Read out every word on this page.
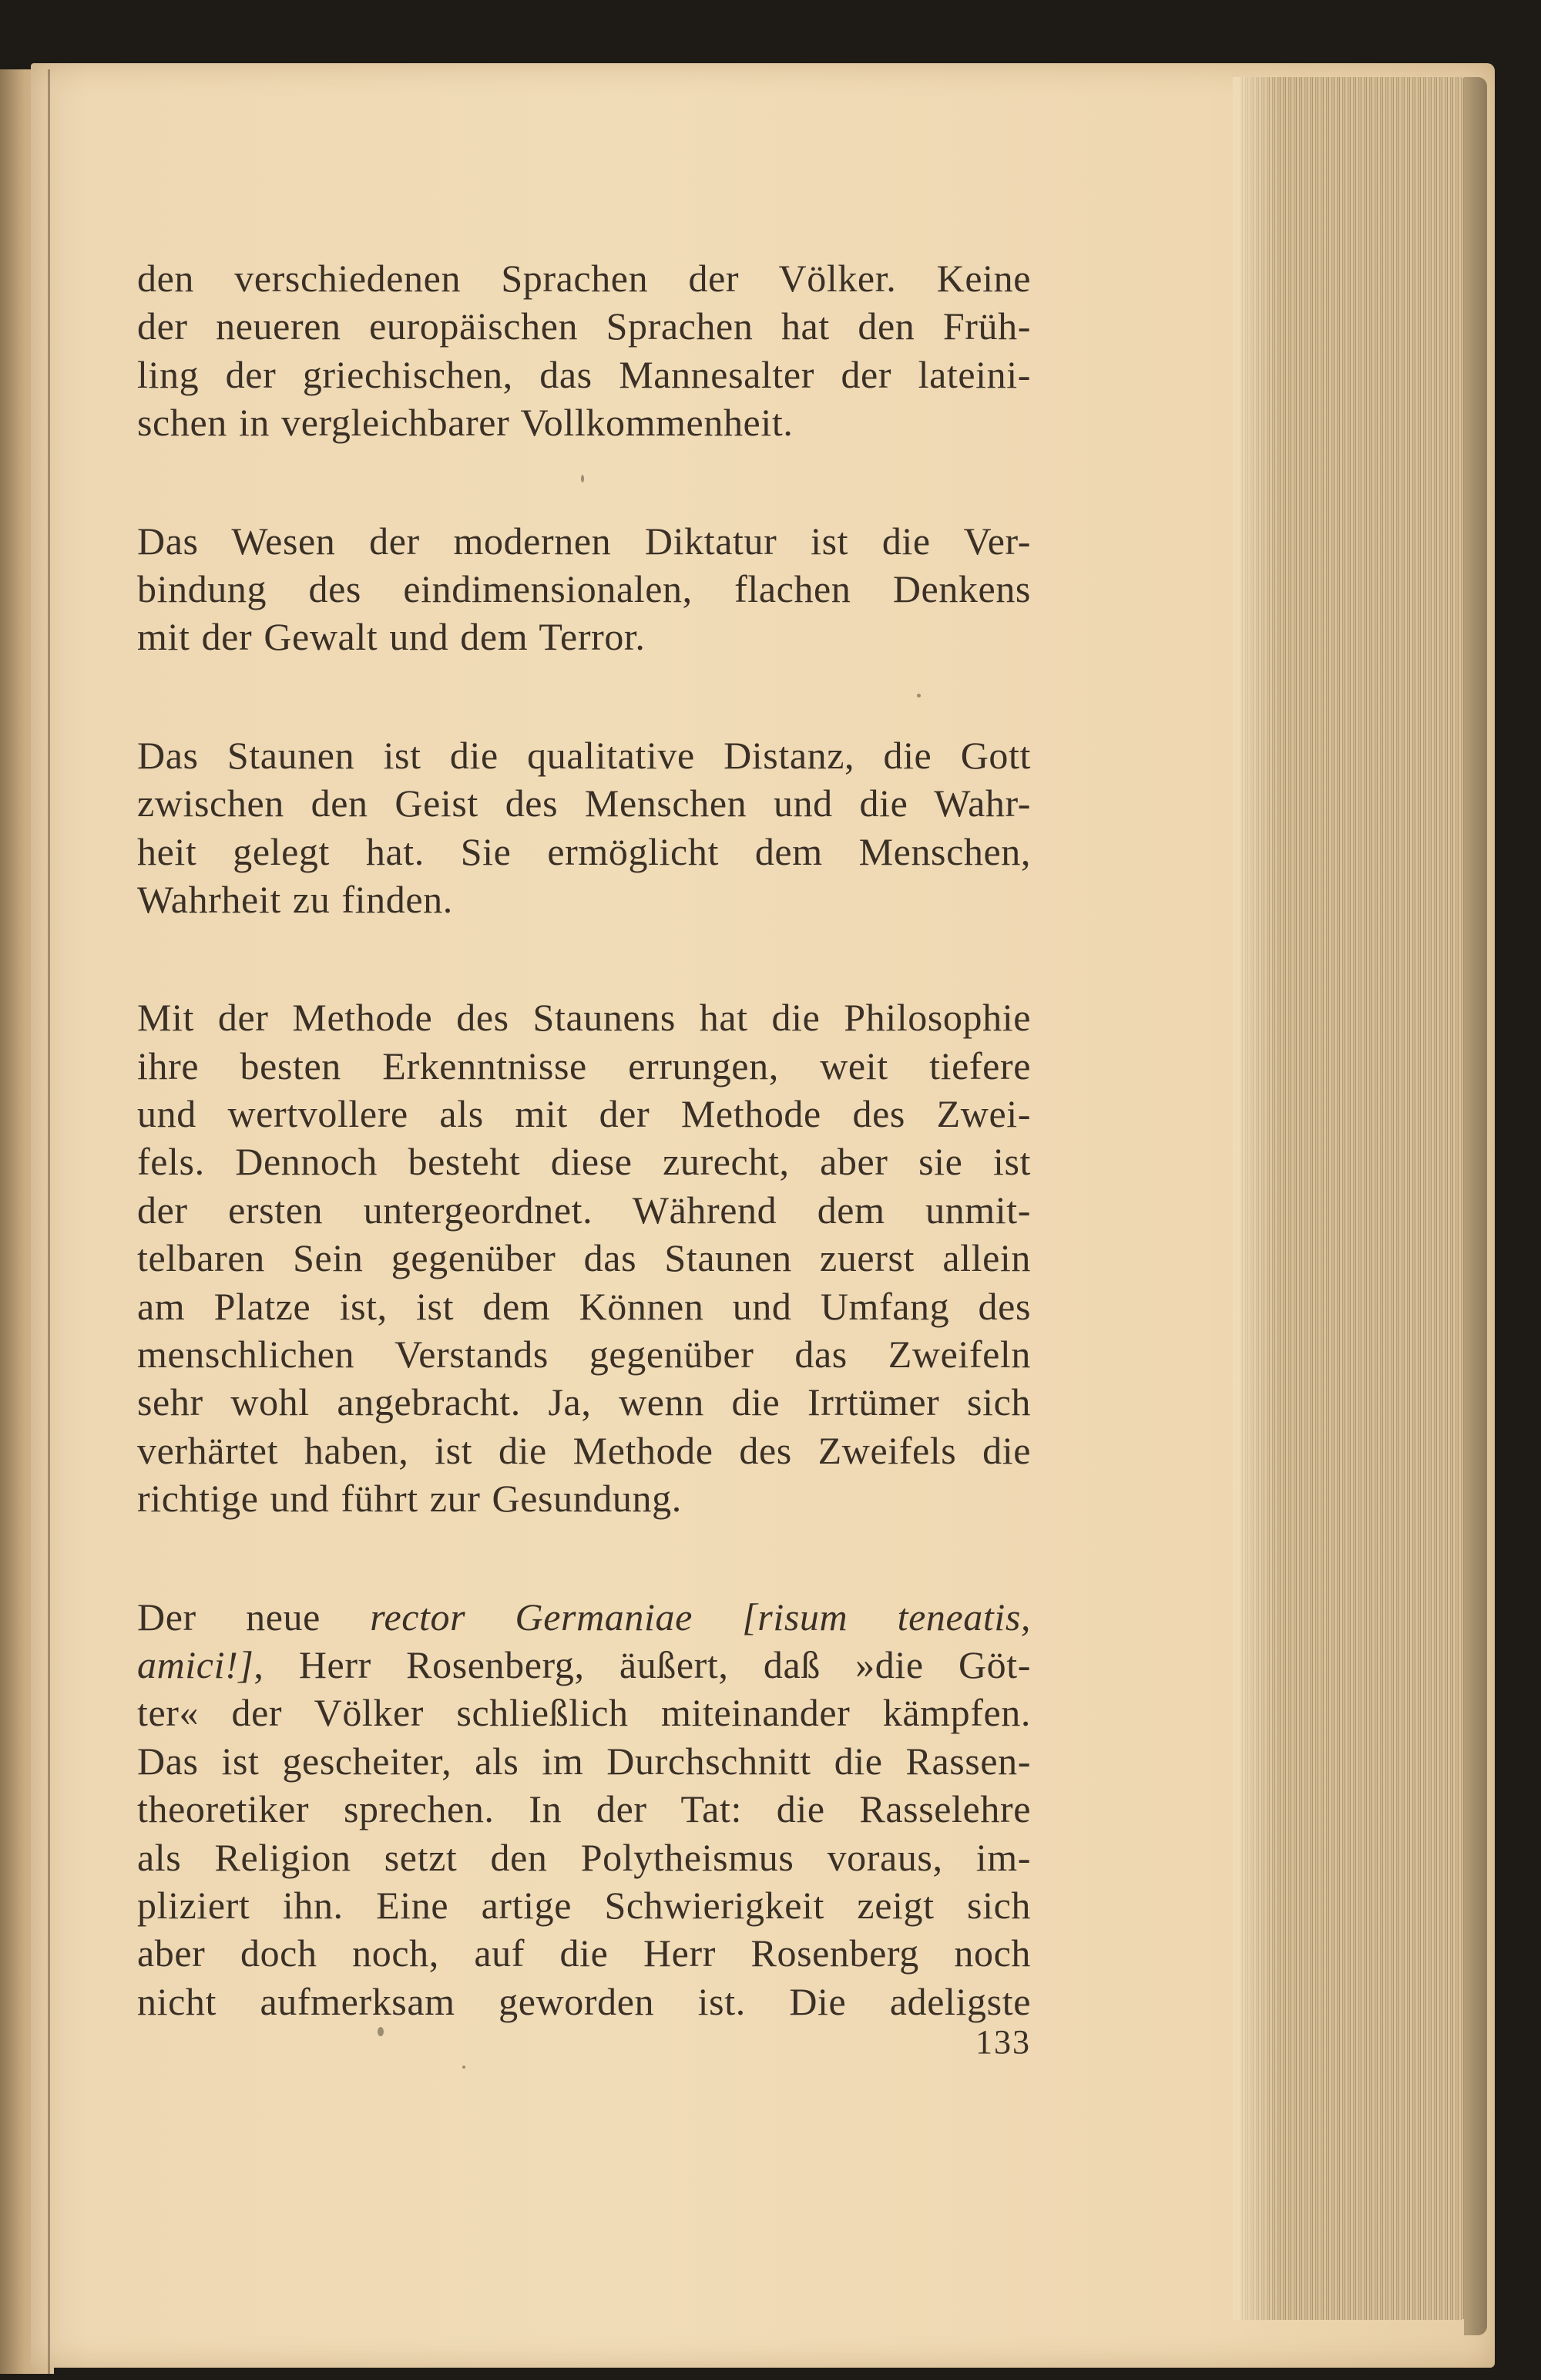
den verschiedenen Sprachen der Völker. Keine
der neueren europäischen Sprachen hat den Früh-
ling der griechischen, das Mannesalter der lateini-
schen in vergleichbarer Vollkommenheit.
Das Wesen der modernen Diktatur ist die Ver-
bindung des eindimensionalen, flachen Denkens
mit der Gewalt und dem Terror.
Das Staunen ist die qualitative Distanz, die Gott
zwischen den Geist des Menschen und die Wahr-
heit gelegt hat. Sie ermöglicht dem Menschen,
Wahrheit zu finden.
Mit der Methode des Staunens hat die Philosophie
ihre besten Erkenntnisse errungen, weit tiefere
und wertvollere als mit der Methode des Zwei-
fels. Dennoch besteht diese zurecht, aber sie ist
der ersten untergeordnet. Während dem unmit-
telbaren Sein gegenüber das Staunen zuerst allein
am Platze ist, ist dem Können und Umfang des
menschlichen Verstands gegenüber das Zweifeln
sehr wohl angebracht. Ja, wenn die Irrtümer sich
verhärtet haben, ist die Methode des Zweifels die
richtige und führt zur Gesundung.
Der neue rector Germaniae [risum teneatis,
amici!], Herr Rosenberg, äußert, daß »die Göt-
ter« der Völker schließlich miteinander kämpfen.
Das ist gescheiter, als im Durchschnitt die Rassen-
theoretiker sprechen. In der Tat: die Rasselehre
als Religion setzt den Polytheismus voraus, im-
pliziert ihn. Eine artige Schwierigkeit zeigt sich
aber doch noch, auf die Herr Rosenberg noch
nicht aufmerksam geworden ist. Die adeligste
133
